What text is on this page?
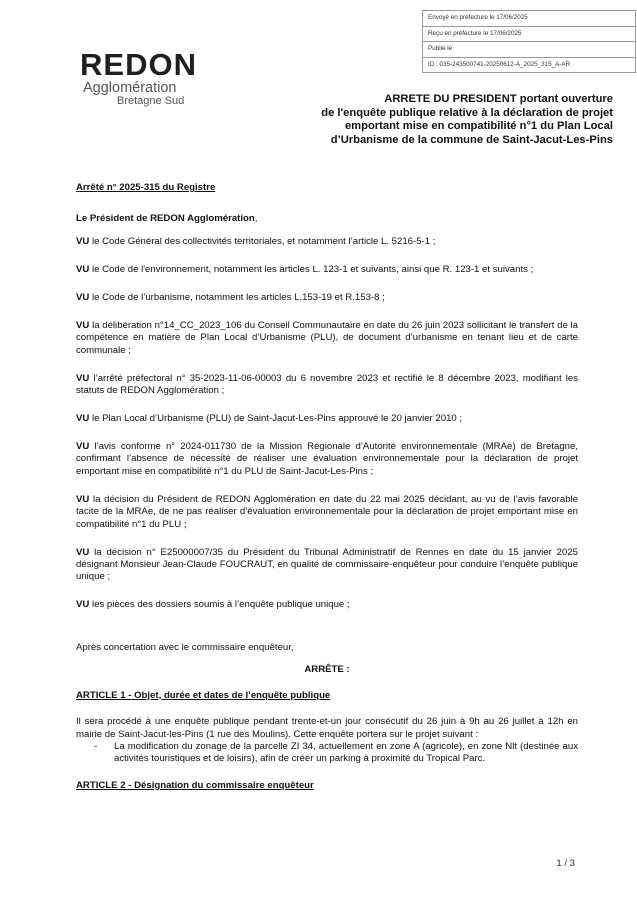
Envoyé en préfecture le 17/06/2025
Reçu en préfecture le 17/06/2025
Publié le
ID : 035-243500741-20250612-A_2025_315_A-AR
REDON
Agglomération
Bretagne Sud	ARRETE DU PRESIDENT portant ouverture
de l'enquête publique relative à la déclaration de projet
emportant mise en compatibilité n°1 du Plan Local
d’Urbanisme de la commune de Saint-Jacut-Les-Pins

Arrêté n° 2025-315 du Registre

Le Président de REDON Agglomération,

VU le Code Général des collectivités territoriales, et notamment l’article L. 5216-5-1 ;

VU le Code de l'environnement, notamment les articles L. 123-1 et suivants, ainsi que R. 123-1 et suivants ;

VU le Code de l’urbanisme, notamment les articles L.153-19 et R.153-8 ;

VU la délibération n°14_CC_2023_106 du Conseil Communautaire en date du 26 juin 2023 sollicitant le transfert de la compétence en matière de Plan Local d’Urbanisme (PLU), de document d’urbanisme en tenant lieu et de carte communale ;

VU l’arrêté préfectoral n° 35-2023-11-06-00003 du 6 novembre 2023 et rectifié le 8 décembre 2023, modifiant les statuts de REDON Agglomération ;

VU le Plan Local d’Urbanisme (PLU) de Saint-Jacut-Les-Pins approuvé le 20 janvier 2010 ;

VU l’avis conforme n° 2024-011730 de la Mission Régionale d’Autorité environnementale (MRAe) de Bretagne, confirmant l’absence de nécessité de réaliser une évaluation environnementale pour la déclaration de projet emportant mise en compatibilité n°1 du PLU de Saint-Jacut-Les-Pins ;

VU la décision du Président de REDON Agglomération en date du 22 mai 2025 décidant, au vu de l’avis favorable tacite de la MRAe, de ne pas réaliser d’évaluation environnementale pour la déclaration de projet emportant mise en compatibilité n°1 du PLU ;

VU la décision n° E25000007/35 du Président du Tribunal Administratif de Rennes en date du 15 janvier 2025 désignant Monsieur Jean-Claude FOUCRAUT, en qualité de commissaire-enquêteur pour conduire l’enquête publique unique ;

VU les pièces des dossiers soumis à l’enquête publique unique ;

Après concertation avec le commissaire enquêteur,

ARRÊTE :

ARTICLE 1 - Objet, durée et dates de l’enquête publique

Il sera procédé à une enquête publique pendant trente-et-un jour consécutif du 26 juin à 9h au 26 juillet à 12h en mairie de Saint-Jacut-les-Pins (1 rue des Moulins). Cette enquête portera sur le projet suivant :

-	La modification du zonage de la parcelle ZI 34, actuellement en zone A (agricole), en zone Nlt (destinée aux activités touristiques et de loisirs), afin de créer un parking à proximité du Tropical Parc.

ARTICLE 2 - Désignation du commissaire enquêteur

1 / 3
